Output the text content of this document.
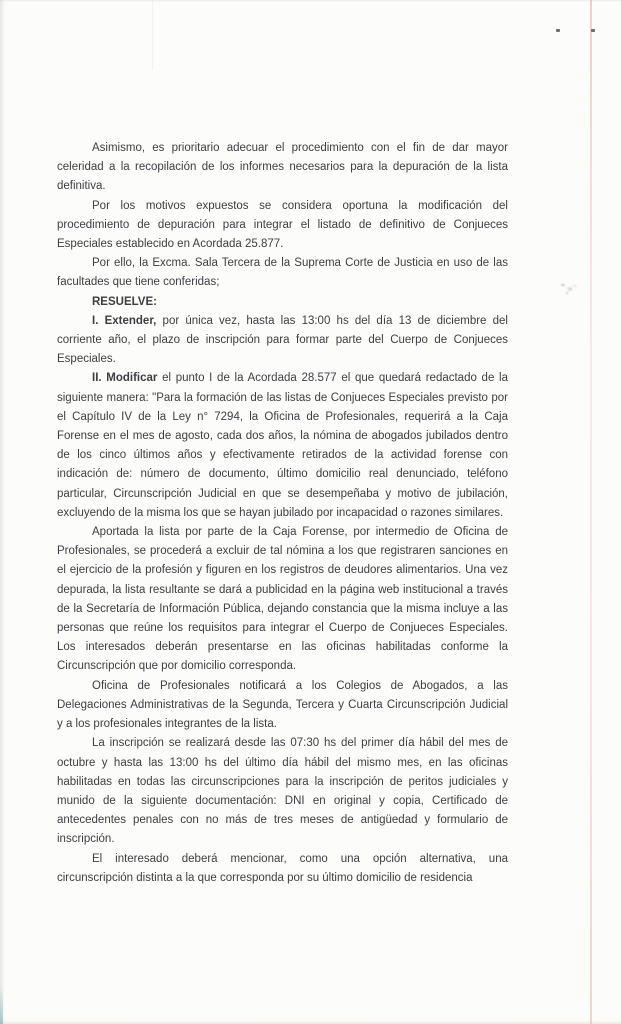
Asimismo, es prioritario adecuar el procedimiento con el fin de dar mayor celeridad a la recopilación de los informes necesarios para la depuración de la lista definitiva.

Por los motivos expuestos se considera oportuna la modificación del procedimiento de depuración para integrar el listado de definitivo de Conjueces Especiales establecido en Acordada 25.877.

Por ello, la Excma. Sala Tercera de la Suprema Corte de Justicia en uso de las facultades que tiene conferidas;

RESUELVE:

I. Extender, por única vez, hasta las 13:00 hs del día 13 de diciembre del corriente año, el plazo de inscripción para formar parte del Cuerpo de Conjueces Especiales.

II. Modificar el punto I de la Acordada 28.577 el que quedará redactado de la siguiente manera: "Para la formación de las listas de Conjueces Especiales previsto por el Capítulo IV de la Ley n° 7294, la Oficina de Profesionales, requerirá a la Caja Forense en el mes de agosto, cada dos años, la nómina de abogados jubilados dentro de los cinco últimos años y efectivamente retirados de la actividad forense con indicación de: número de documento, último domicilio real denunciado, teléfono particular, Circunscripción Judicial en que se desempeñaba y motivo de jubilación, excluyendo de la misma los que se hayan jubilado por incapacidad o razones similares.

Aportada la lista por parte de la Caja Forense, por intermedio de Oficina de Profesionales, se procederá a excluir de tal nómina a los que registraren sanciones en el ejercicio de la profesión y figuren en los registros de deudores alimentarios. Una vez depurada, la lista resultante se dará a publicidad en la página web institucional a través de la Secretaría de Información Pública, dejando constancia que la misma incluye a las personas que reúne los requisitos para integrar el Cuerpo de Conjueces Especiales. Los interesados deberán presentarse en las oficinas habilitadas conforme la Circunscripción que por domicilio corresponda.

Oficina de Profesionales notificará a los Colegios de Abogados, a las Delegaciones Administrativas de la Segunda, Tercera y Cuarta Circunscripción Judicial y a los profesionales integrantes de la lista.

La inscripción se realizará desde las 07:30 hs del primer día hábil del mes de octubre y hasta las 13:00 hs del último día hábil del mismo mes, en las oficinas habilitadas en todas las circunscripciones para la inscripción de peritos judiciales y munido de la siguiente documentación: DNI en original y copia, Certificado de antecedentes penales con no más de tres meses de antigüedad y formulario de inscripción.

El interesado deberá mencionar, como una opción alternativa, una circunscripción distinta a la que corresponda por su último domicilio de residencia
